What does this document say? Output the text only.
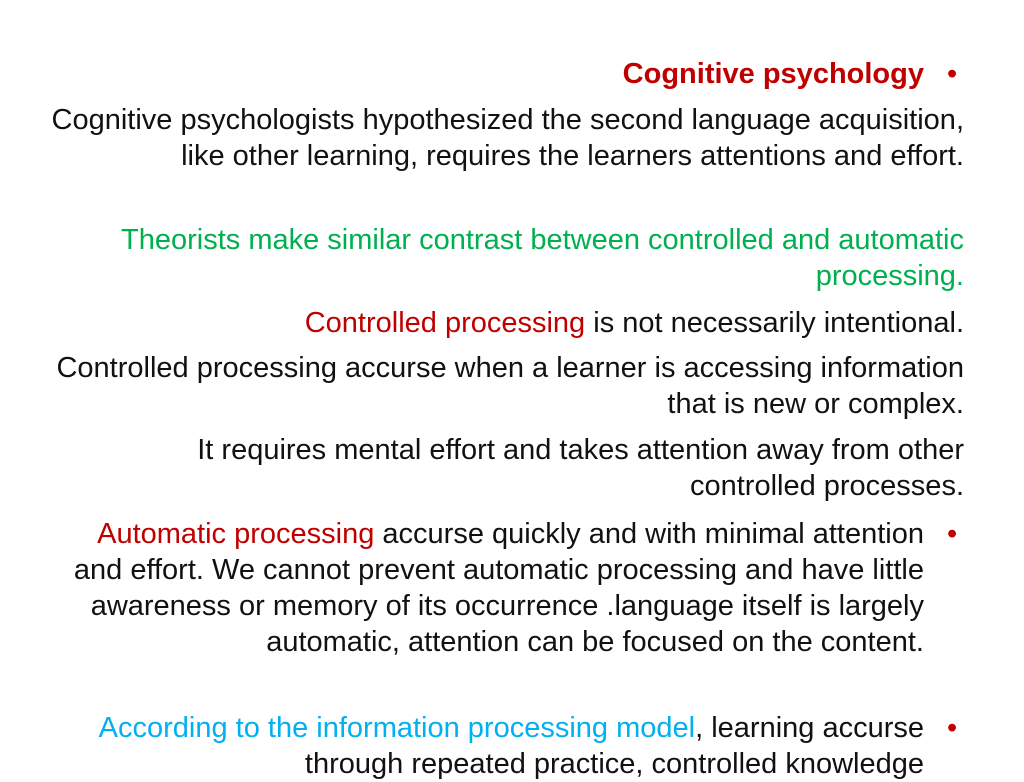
•

Cognitive psychology

Cognitive psychologists hypothesized the second language acquisition, like other learning, requires the learners attentions and effort.

Theorists make similar contrast between controlled and automatic processing.

Controlled processing is not necessarily intentional.

Controlled processing accurse when a learner is accessing information that is new or complex.

It requires mental effort and takes attention away from other controlled processes.

•

Automatic processing accurse quickly and with minimal attention and effort. We cannot prevent automatic processing and have little awareness or memory of its occurrence .language itself is largely automatic, attention can be focused on the content.

•

According to the information processing model, learning accurse through repeated practice, controlled knowledge
